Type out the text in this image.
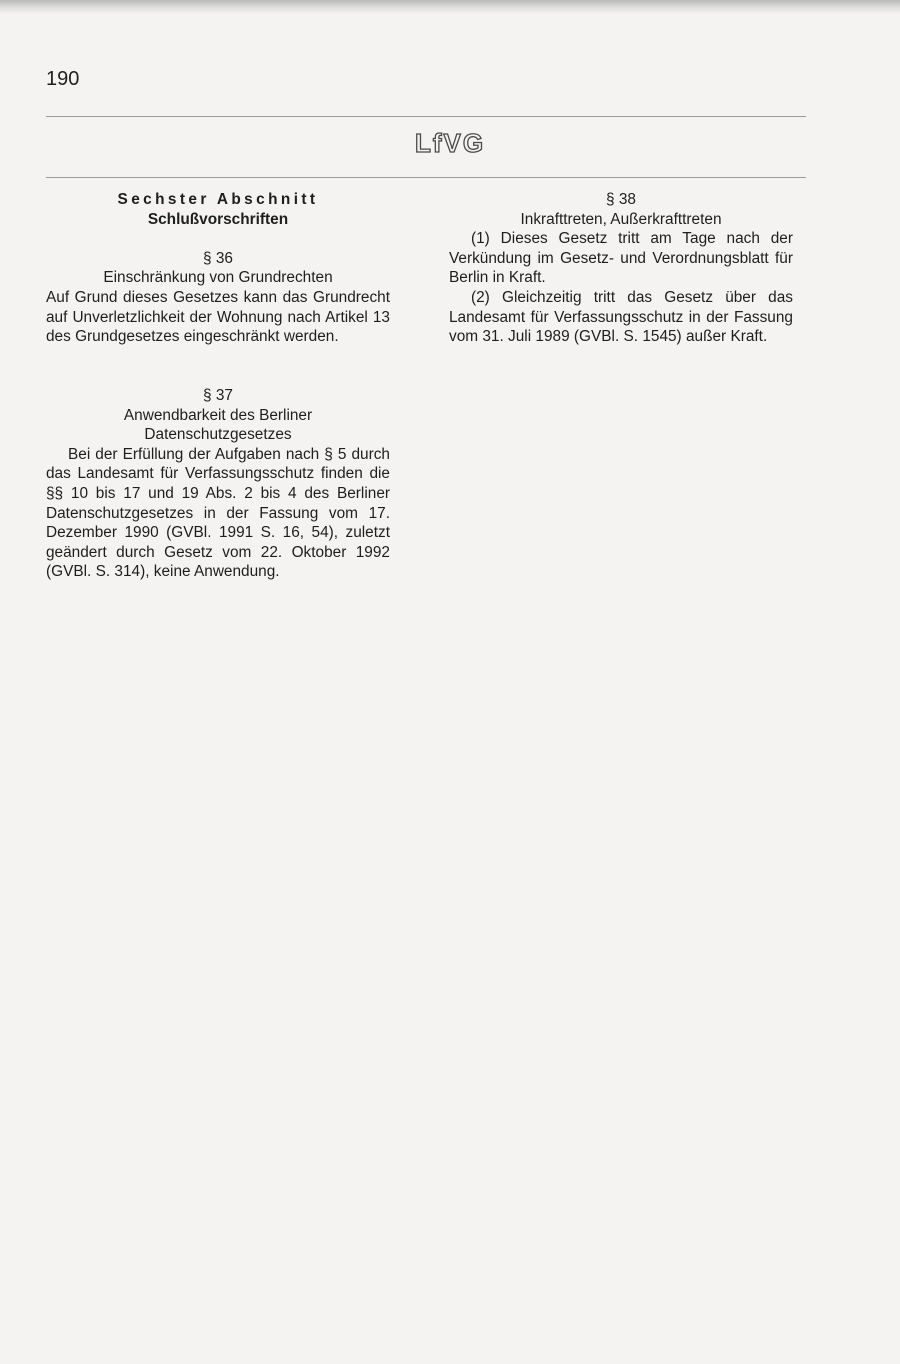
190
LfVG

Sechster Abschnitt

Schlußvorschriften

§ 36

Einschränkung von Grundrechten

Auf Grund dieses Gesetzes kann das Grundrecht auf Unverletzlichkeit der Wohnung nach Artikel 13 des Grundgesetzes eingeschränkt werden.

§ 37

Anwendbarkeit des Berliner

Datenschutzgesetzes

Bei der Erfüllung der Aufgaben nach § 5 durch das Landesamt für Verfassungsschutz finden die §§ 10 bis 17 und 19 Abs. 2 bis 4 des Berliner Datenschutzgesetzes in der Fassung vom 17. Dezember 1990 (GVBl. 1991 S. 16, 54), zuletzt geändert durch Gesetz vom 22. Oktober 1992 (GVBl. S. 314), keine Anwendung.

§ 38

Inkrafttreten, Außerkrafttreten

(1) Dieses Gesetz tritt am Tage nach der Verkündung im Gesetz- und Verordnungsblatt für Berlin in Kraft.

(2) Gleichzeitig tritt das Gesetz über das Landesamt für Verfassungsschutz in der Fassung vom 31. Juli 1989 (GVBl. S. 1545) außer Kraft.
